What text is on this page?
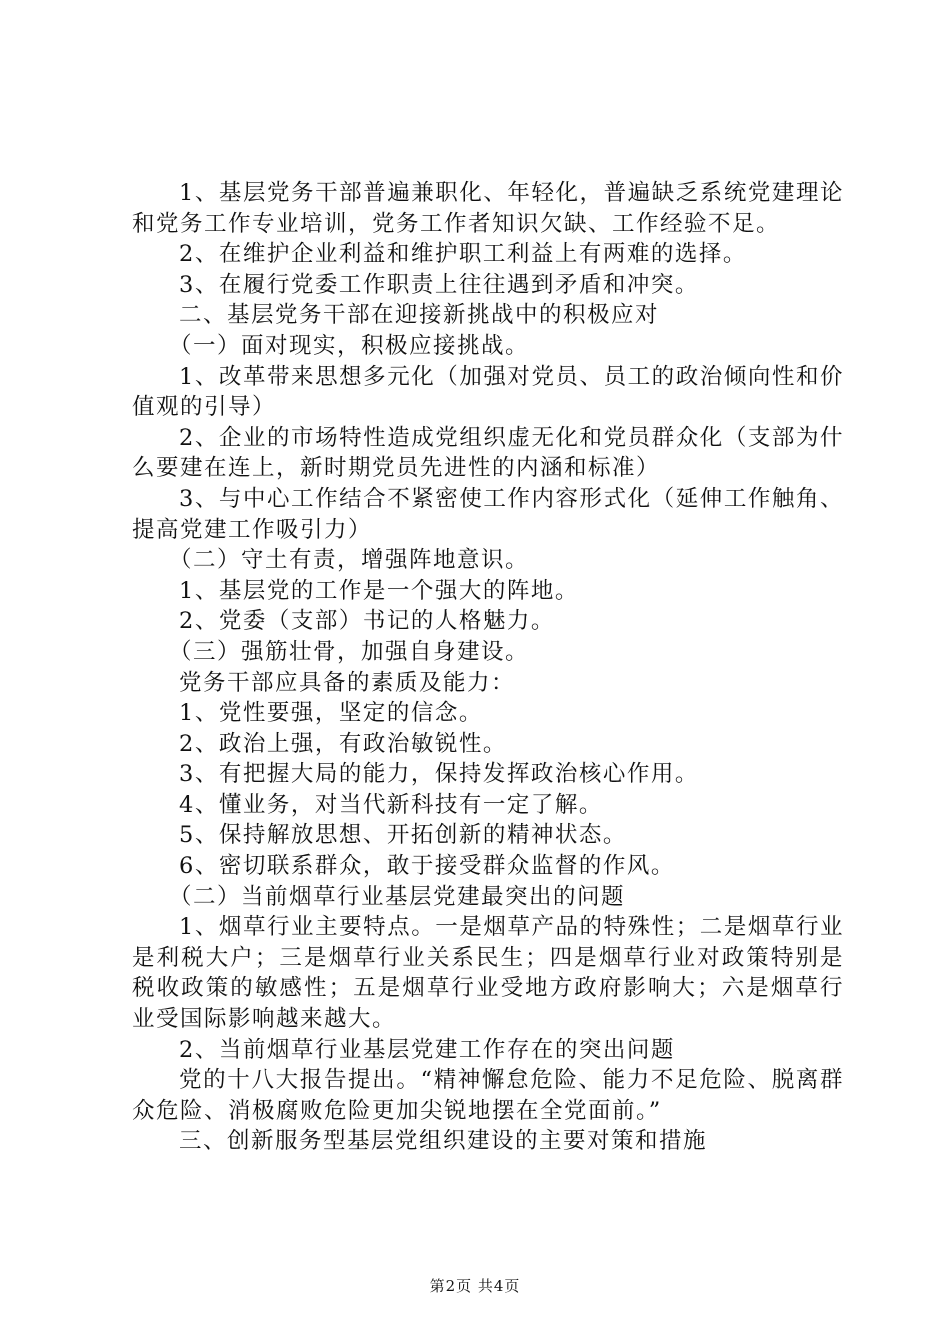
1、基层党务干部普遍兼职化、年轻化，普遍缺乏系统党建理论和党务工作专业培训，党务工作者知识欠缺、工作经验不足。

2、在维护企业利益和维护职工利益上有两难的选择。

3、在履行党委工作职责上往往遇到矛盾和冲突。

二、基层党务干部在迎接新挑战中的积极应对

（一）面对现实，积极应接挑战。

1、改革带来思想多元化（加强对党员、员工的政治倾向性和价值观的引导）

2、企业的市场特性造成党组织虚无化和党员群众化（支部为什么要建在连上，新时期党员先进性的内涵和标准）

3、与中心工作结合不紧密使工作内容形式化（延伸工作触角、提高党建工作吸引力）

（二）守土有责，增强阵地意识。

1、基层党的工作是一个强大的阵地。

2、党委（支部）书记的人格魅力。

（三）强筋壮骨，加强自身建设。

党务干部应具备的素质及能力：

1、党性要强，坚定的信念。

2、政治上强，有政治敏锐性。

3、有把握大局的能力，保持发挥政治核心作用。

4、懂业务，对当代新科技有一定了解。

5、保持解放思想、开拓创新的精神状态。

6、密切联系群众，敢于接受群众监督的作风。

（二）当前烟草行业基层党建最突出的问题

1、烟草行业主要特点。一是烟草产品的特殊性；二是烟草行业是利税大户；三是烟草行业关系民生；四是烟草行业对政策特别是税收政策的敏感性；五是烟草行业受地方政府影响大；六是烟草行业受国际影响越来越大。

2、当前烟草行业基层党建工作存在的突出问题

党的十八大报告提出。“精神懈怠危险、能力不足危险、脱离群众危险、消极腐败危险更加尖锐地摆在全党面前。”

三、创新服务型基层党组织建设的主要对策和措施

第2页 共4页
